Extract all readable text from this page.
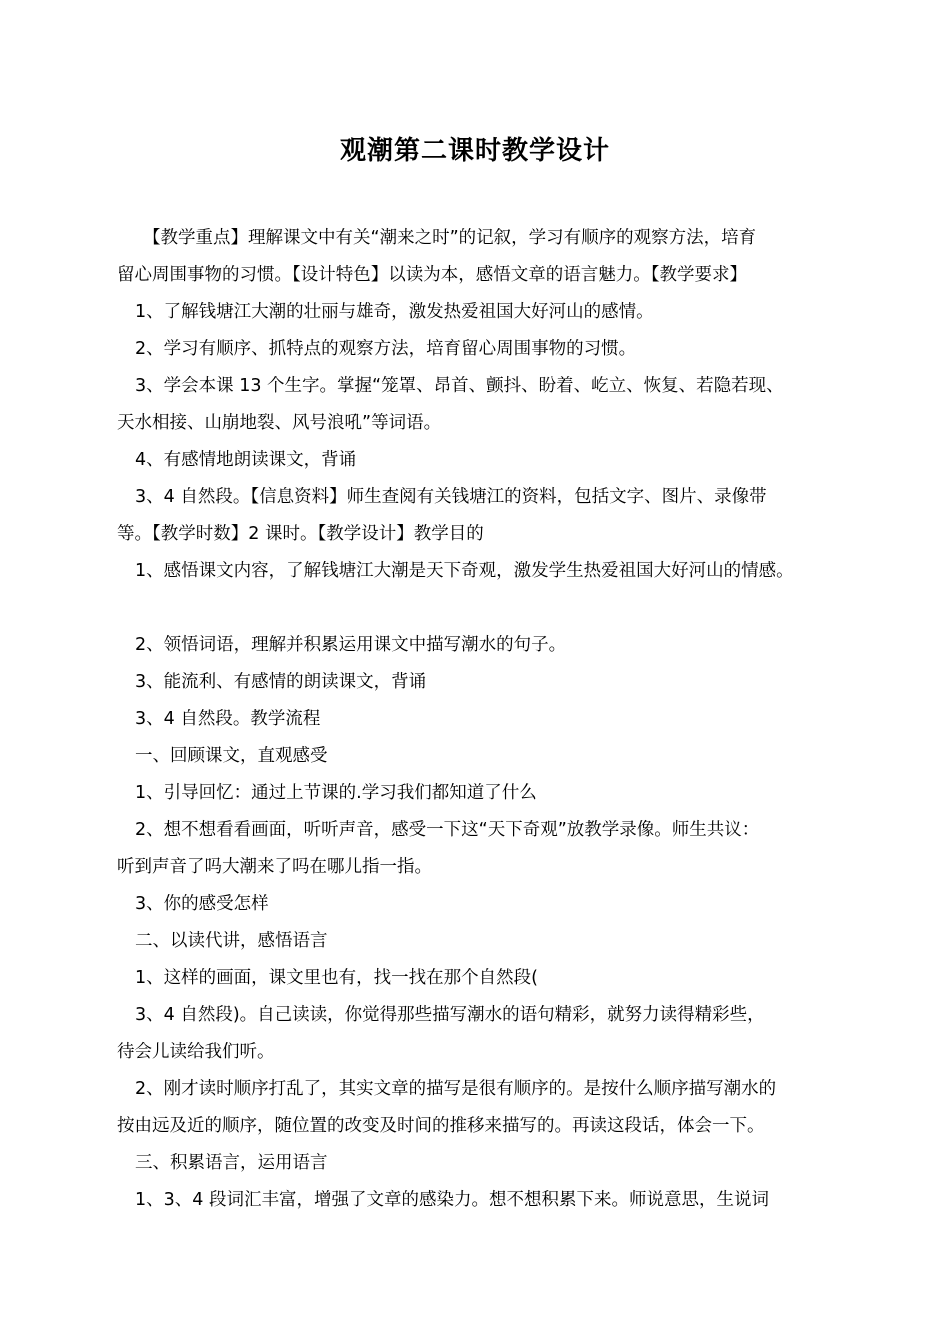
观潮第二课时教学设计
【教学重点】理解课文中有关“潮来之时”的记叙，学习有顺序的观察方法，培育
留心周围事物的习惯。【设计特色】以读为本，感悟文章的语言魅力。【教学要求】
1、了解钱塘江大潮的壮丽与雄奇，激发热爱祖国大好河山的感情。
2、学习有顺序、抓特点的观察方法，培育留心周围事物的习惯。
3、学会本课 13 个生字。掌握“笼罩、昂首、颤抖、盼着、屹立、恢复、若隐若现、
天水相接、山崩地裂、风号浪吼”等词语。
4、有感情地朗读课文，背诵
3、4 自然段。【信息资料】师生查阅有关钱塘江的资料，包括文字、图片、录像带
等。【教学时数】2 课时。【教学设计】教学目的
1、感悟课文内容，了解钱塘江大潮是天下奇观，激发学生热爱祖国大好河山的情感。
2、领悟词语，理解并积累运用课文中描写潮水的句子。
3、能流利、有感情的朗读课文，背诵
3、4 自然段。教学流程
一、回顾课文，直观感受
1、引导回忆：通过上节课的.学习我们都知道了什么
2、想不想看看画面，听听声音，感受一下这“天下奇观”放教学录像。师生共议：
听到声音了吗大潮来了吗在哪儿指一指。
3、你的感受怎样
二、以读代讲，感悟语言
1、这样的画面，课文里也有，找一找在那个自然段(
3、4 自然段)。自己读读，你觉得那些描写潮水的语句精彩，就努力读得精彩些，
待会儿读给我们听。
2、刚才读时顺序打乱了，其实文章的描写是很有顺序的。是按什么顺序描写潮水的
按由远及近的顺序，随位置的改变及时间的推移来描写的。再读这段话，体会一下。
三、积累语言，运用语言
1、3、4 段词汇丰富，增强了文章的感染力。想不想积累下来。师说意思，生说词
